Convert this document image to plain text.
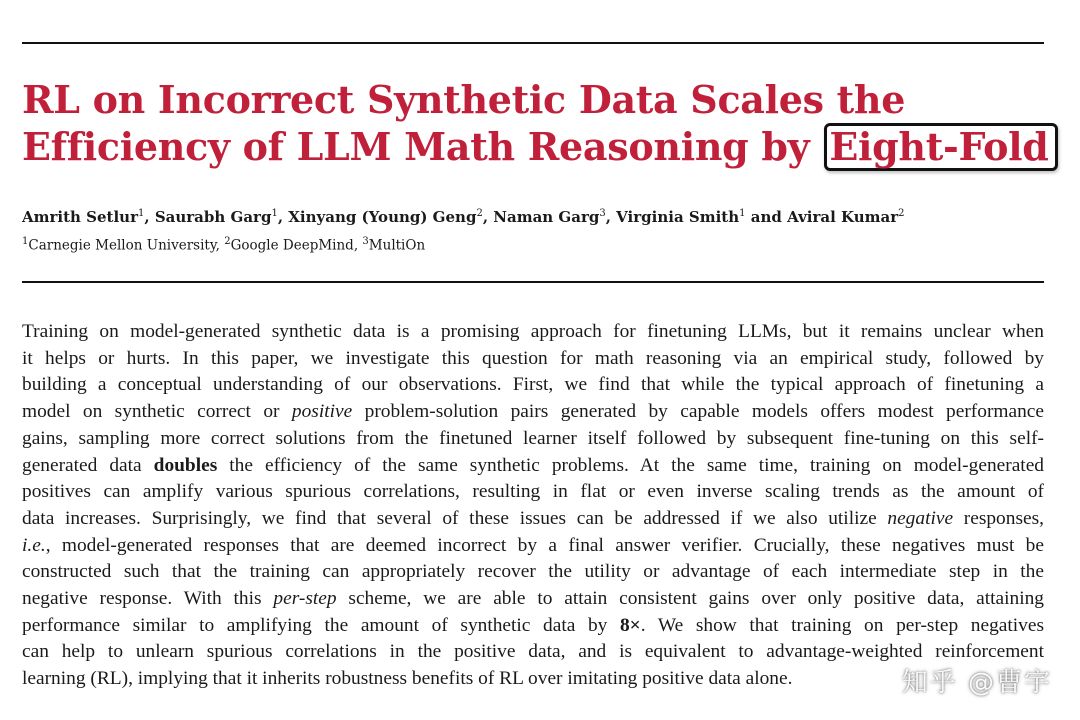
RL on Incorrect Synthetic Data Scales the
Efficiency of LLM Math Reasoning by Eight-Fold
Amrith Setlur$^1$, Saurabh Garg$^1$, Xinyang (Young) Geng$^2$, Naman Garg$^3$, Virginia Smith$^1$ and Aviral Kumar$^2$
$^1$Carnegie Mellon University, $^2$Google DeepMind, $^3$MultiOn
Training on model-generated synthetic data is a promising approach for finetuning LLMs, but it remains unclear when
it helps or hurts. In this paper, we investigate this question for math reasoning via an empirical study, followed by
building a conceptual understanding of our observations. First, we find that while the typical approach of finetuning a
model on synthetic correct or positive problem-solution pairs generated by capable models offers modest performance
gains, sampling more correct solutions from the finetuned learner itself followed by subsequent fine-tuning on this self-
generated data doubles the efficiency of the same synthetic problems. At the same time, training on model-generated
positives can amplify various spurious correlations, resulting in flat or even inverse scaling trends as the amount of
data increases. Surprisingly, we find that several of these issues can be addressed if we also utilize negative responses,
i.e., model-generated responses that are deemed incorrect by a final answer verifier. Crucially, these negatives must be
constructed such that the training can appropriately recover the utility or advantage of each intermediate step in the
negative response. With this per-step scheme, we are able to attain consistent gains over only positive data, attaining
performance similar to amplifying the amount of synthetic data by 8×. We show that training on per-step negatives
can help to unlearn spurious correlations in the positive data, and is equivalent to advantage-weighted reinforcement
learning (RL), implying that it inherits robustness benefits of RL over imitating positive data alone.	知乎 @曹宇
